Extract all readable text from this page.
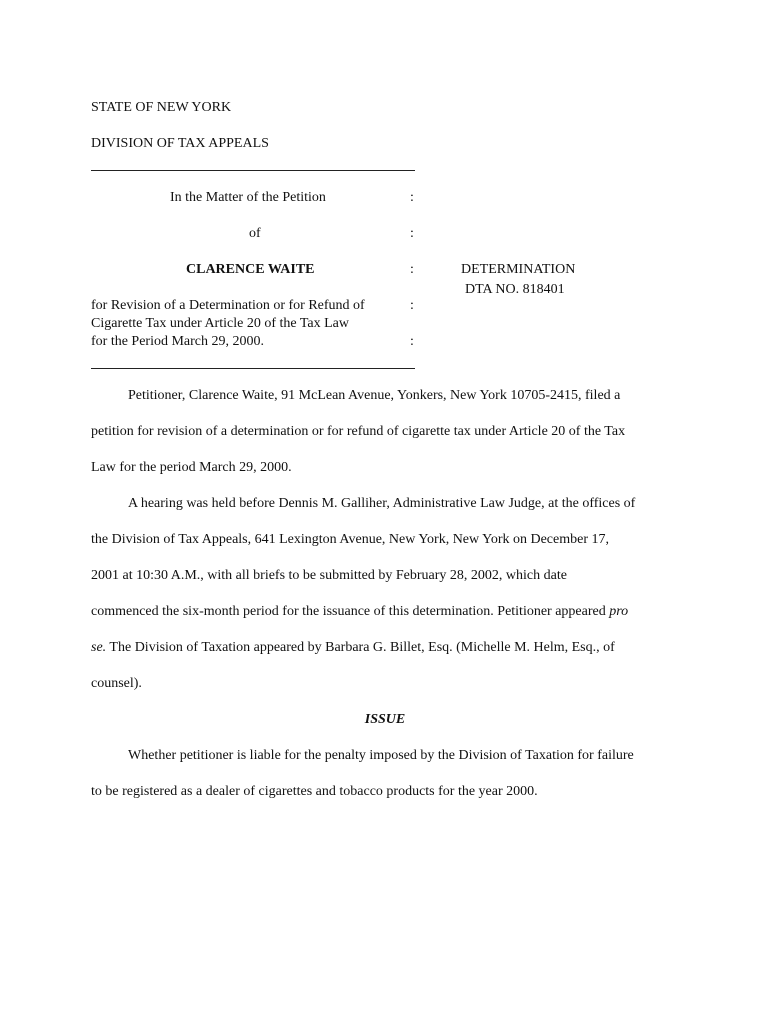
STATE OF NEW YORK
DIVISION OF TAX APPEALS
In the Matter of the Petition	:
of	:
CLARENCE WAITE	:	DETERMINATION
DTA NO. 818401
for Revision of a Determination or for Refund of	:
Cigarette Tax under Article 20 of the Tax Law
for the Period March 29, 2000.	:
Petitioner, Clarence Waite, 91 McLean Avenue, Yonkers, New York 10705-2415, filed a
petition for revision of a determination or for refund of cigarette tax under Article 20 of the Tax
Law for the period March 29, 2000.
A hearing was held before Dennis M. Galliher, Administrative Law Judge, at the offices of
the Division of Tax Appeals, 641 Lexington Avenue, New York, New York on December 17,
2001 at 10:30 A.M., with all briefs to be submitted by February 28, 2002, which date
commenced the six-month period for the issuance of this determination. Petitioner appeared pro
se. The Division of Taxation appeared by Barbara G. Billet, Esq. (Michelle M. Helm, Esq., of
counsel).
ISSUE
Whether petitioner is liable for the penalty imposed by the Division of Taxation for failure
to be registered as a dealer of cigarettes and tobacco products for the year 2000.
